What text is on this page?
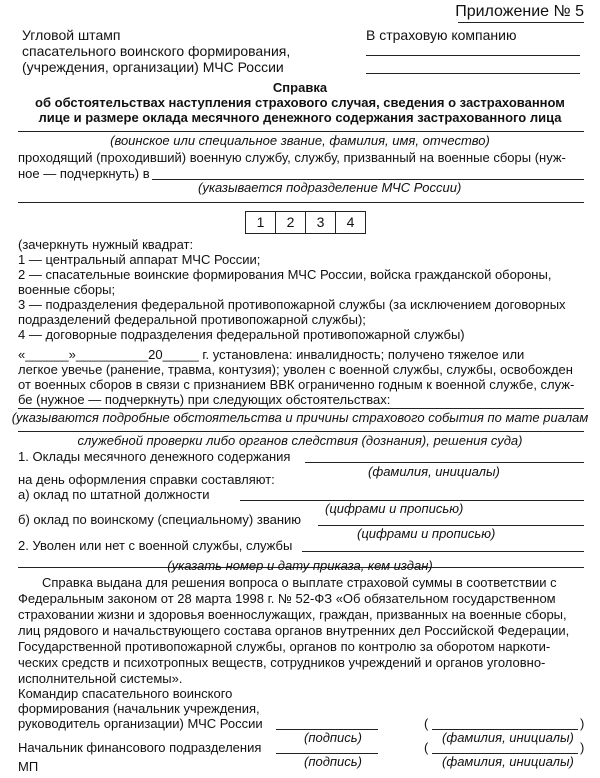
Приложение № 5
Угловой штамп
спасательного воинского формирования,
(учреждения, организации) МЧС России
В страховую компанию
Справка
об обстоятельствах наступления страхового случая, сведения о застрахованном
лице и размере оклада месячного денежного содержания застрахованного лица
(воинское или специальное звание, фамилия, имя, отчество)
проходящий (проходивший) военную службу, службу, призванный на военные сборы (нуж-
ное — подчеркнуть) в
(указывается подразделение МЧС России)
1	2	3	4
(зачеркнуть нужный квадрат:
1 — центральный аппарат МЧС России;
2 — спасательные воинские формирования МЧС России, войска гражданской обороны,
военные сборы;
3 — подразделения федеральной противопожарной службы (за исключением договорных
подразделений федеральной противопожарной службы);
4 — договорные подразделения федеральной противопожарной службы)
«______»__________20_____ г. установлена: инвалидность; получено тяжелое или
легкое увечье (ранение, травма, контузия); уволен с военной службы, службы, освобожден
от военных сборов в связи с признанием ВВК ограниченно годным к военной службе, служ-
бе (нужное — подчеркнуть) при следующих обстоятельствах:
(указываются подробные обстоятельства и причины страхового события по мате риалам
служебной проверки либо органов следствия (дознания), решения суда)
1. Оклады месячного денежного содержания
(фамилия, инициалы)
на день оформления справки составляют:
а) оклад по штатной должности
(цифрами и прописью)
б) оклад по воинскому (специальному) званию
(цифрами и прописью)
2. Уволен или нет с военной службы, службы
(указать номер и дату приказа, кем издан)
Справка выдана для решения вопроса о выплате страховой суммы в соответствии с
Федеральным законом от 28 марта 1998 г. № 52-ФЗ «Об обязательном государственном
страховании жизни и здоровья военнослужащих, граждан, призванных на военные сборы,
лиц рядового и начальствующего состава органов внутренних дел Российской Федерации,
Государственной противопожарной службы, органов по контролю за оборотом наркоти-
ческих средств и психотропных веществ, сотрудников учреждений и органов уголовно-
исполнительной системы».
Командир спасательного воинского
формирования (начальник учреждения,
руководитель организации) МЧС России
(подпись)
(	)
(фамилия, инициалы)
Начальник финансового подразделения
(подпись)
(	)
(фамилия, инициалы)
МП
